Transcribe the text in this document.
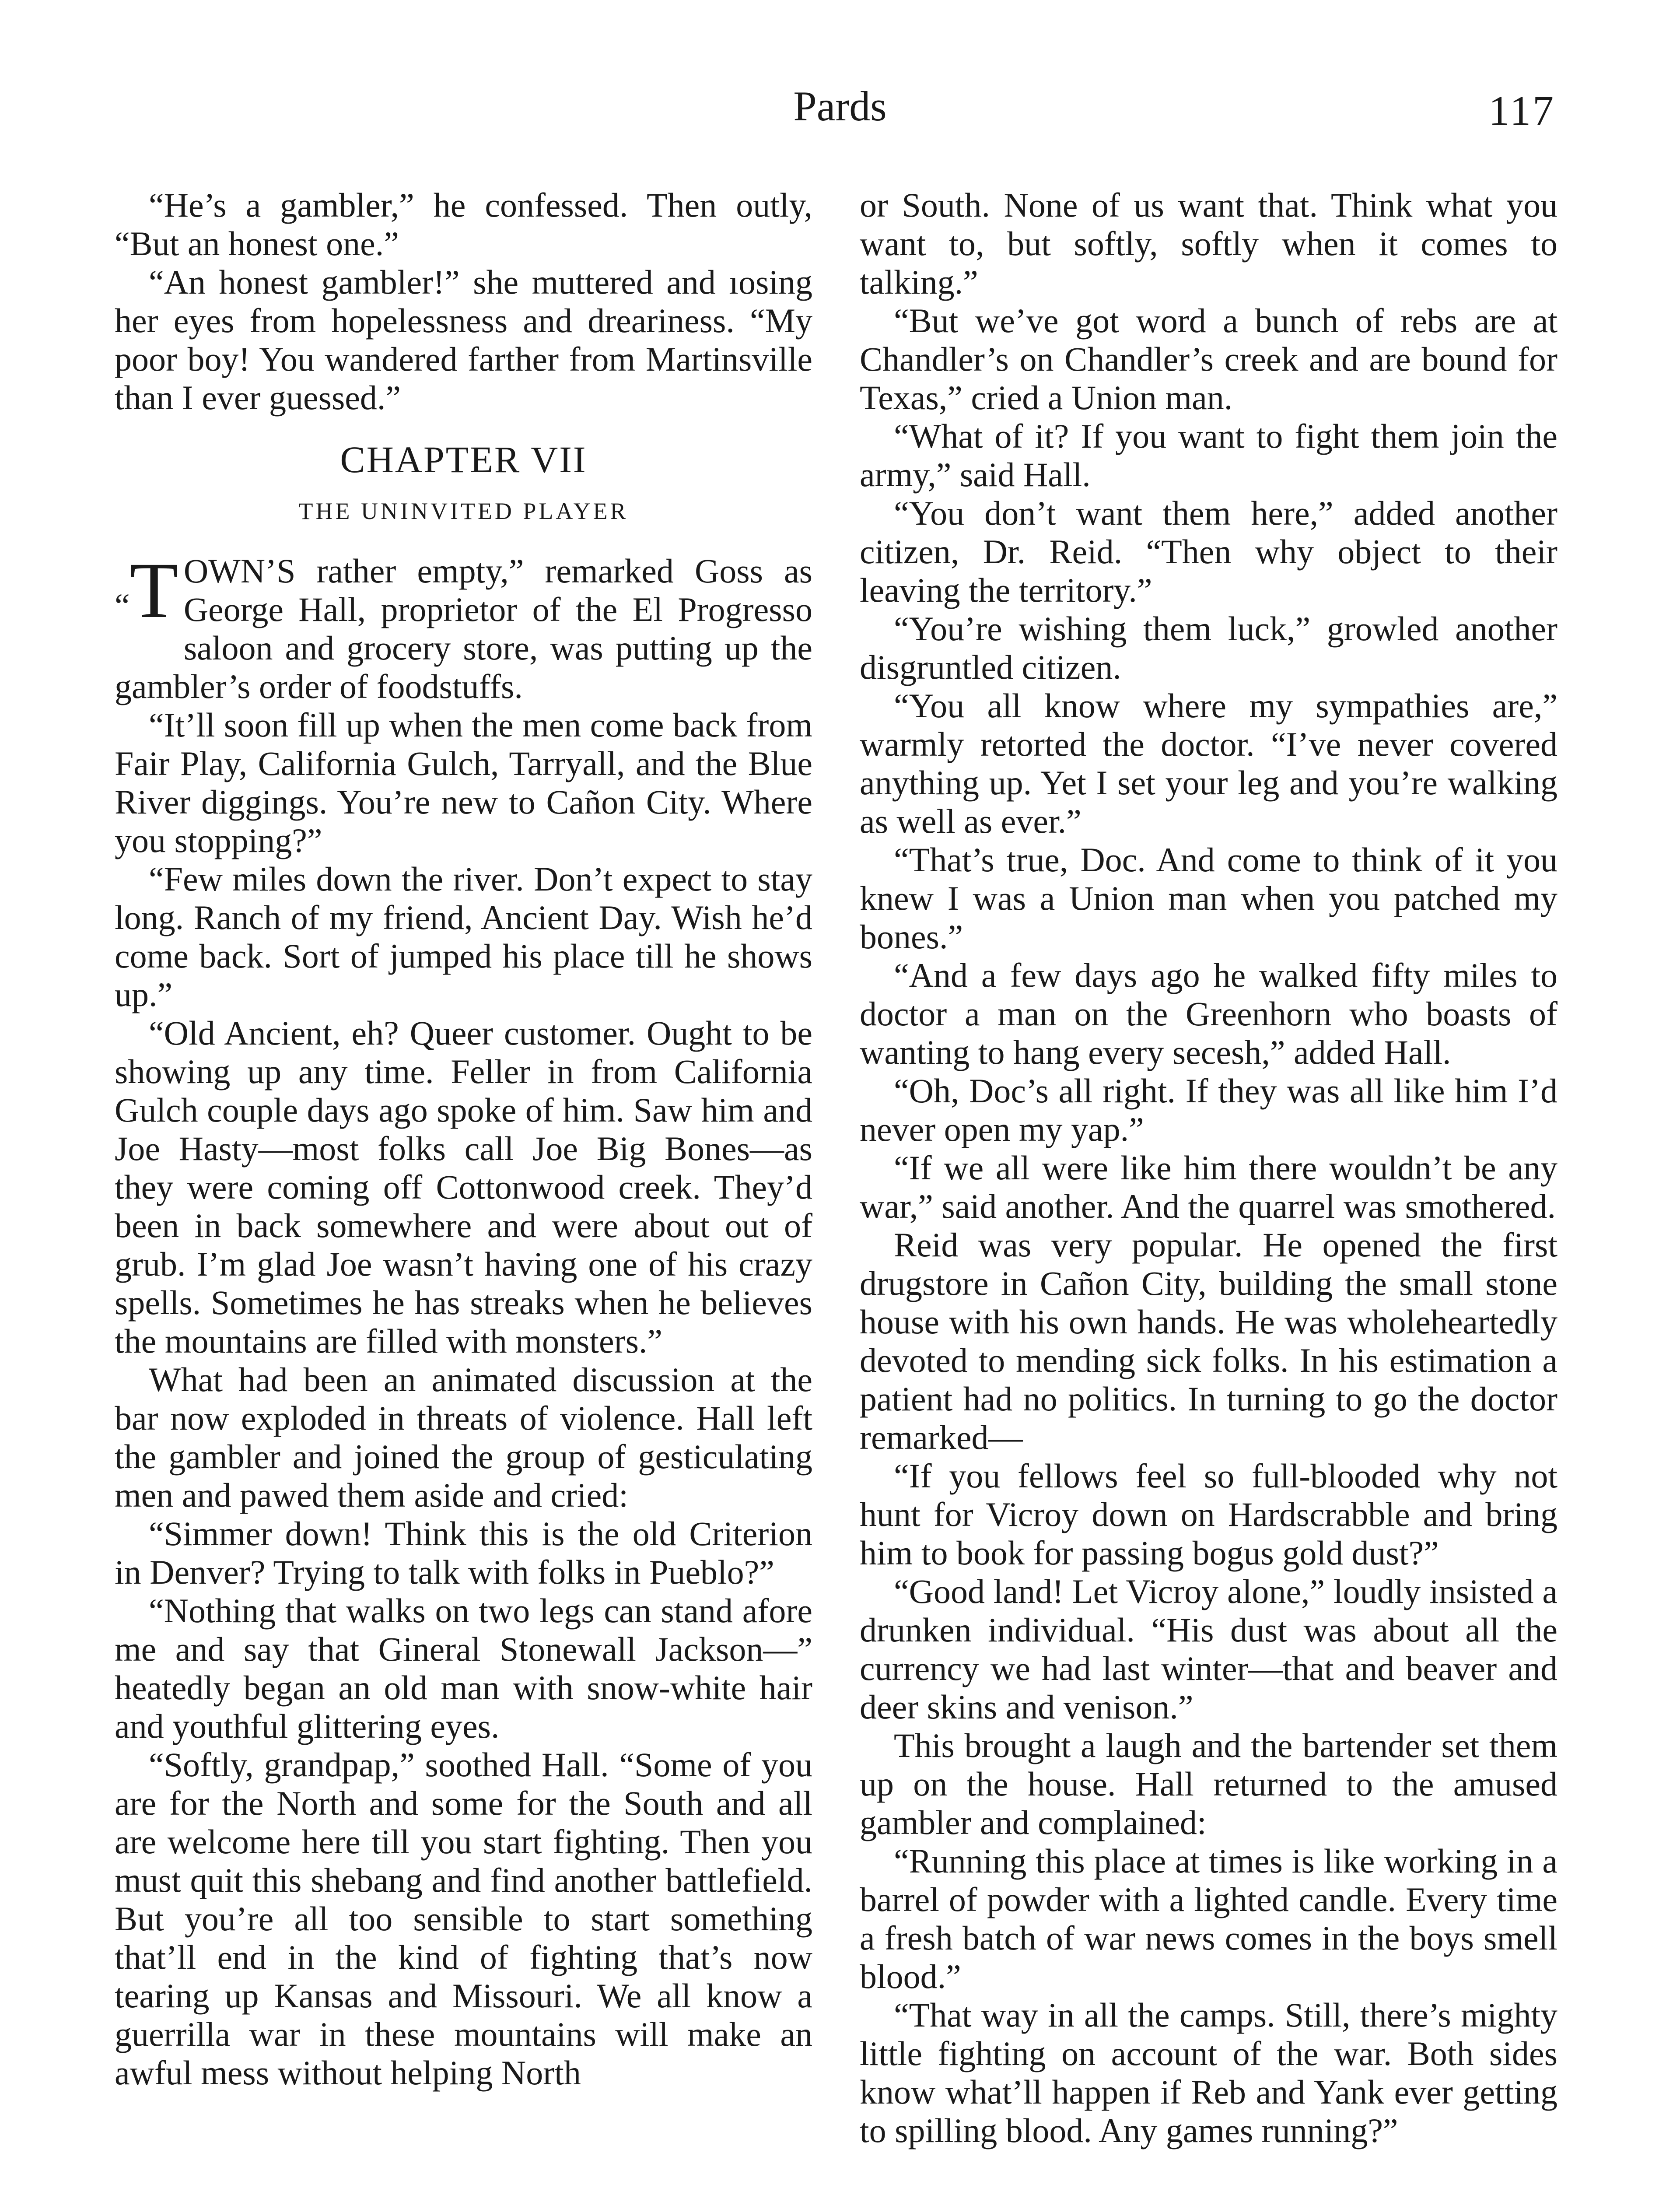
Pards	117

“He’s a gambler,” he confessed. Then outly, “But an honest one.”

“An honest gambler!” she muttered and ıosing her eyes from hopelessness and dreariness. “My poor boy! You wandered farther from Martinsville than I ever guessed.”

CHAPTER VII
THE UNINVITED PLAYER

“T OWN’S rather empty,” remarked Goss as George Hall, proprietor of the El Progresso saloon and grocery store, was putting up the gambler’s order of foodstuffs.

“It’ll soon fill up when the men come back from Fair Play, California Gulch, Tarryall, and the Blue River diggings. You’re new to Cañon City. Where you stopping?”

“Few miles down the river. Don’t expect to stay long. Ranch of my friend, Ancient Day. Wish he’d come back. Sort of jumped his place till he shows up.”

“Old Ancient, eh? Queer customer. Ought to be showing up any time. Feller in from California Gulch couple days ago spoke of him. Saw him and Joe Hasty—most folks call Joe Big Bones—as they were coming off Cottonwood creek. They’d been in back somewhere and were about out of grub. I’m glad Joe wasn’t having one of his crazy spells. Sometimes he has streaks when he believes the mountains are filled with monsters.”

What had been an animated discussion at the bar now exploded in threats of violence. Hall left the gambler and joined the group of gesticulating men and pawed them aside and cried:

“Simmer down! Think this is the old Criterion in Denver? Trying to talk with folks in Pueblo?”

“Nothing that walks on two legs can stand afore me and say that Gineral Stonewall Jackson—” heatedly began an old man with snow-white hair and youthful glittering eyes.

“Softly, grandpap,” soothed Hall. “Some of you are for the North and some for the South and all are welcome here till you start fighting. Then you must quit this shebang and find another battlefield. But you’re all too sensible to start something that’ll end in the kind of fighting that’s now tearing up Kansas and Missouri. We all know a guerrilla war in these mountains will make an awful mess without helping North

or South. None of us want that. Think what you want to, but softly, softly when it comes to talking.”

“But we’ve got word a bunch of rebs are at Chandler’s on Chandler’s creek and are bound for Texas,” cried a Union man.

“What of it? If you want to fight them join the army,” said Hall.

“You don’t want them here,” added another citizen, Dr. Reid. “Then why object to their leaving the territory.”

“You’re wishing them luck,” growled another disgruntled citizen.

“You all know where my sympathies are,” warmly retorted the doctor. “I’ve never covered anything up. Yet I set your leg and you’re walking as well as ever.”

“That’s true, Doc. And come to think of it you knew I was a Union man when you patched my bones.”

“And a few days ago he walked fifty miles to doctor a man on the Greenhorn who boasts of wanting to hang every secesh,” added Hall.

“Oh, Doc’s all right. If they was all like him I’d never open my yap.”

“If we all were like him there wouldn’t be any war,” said another. And the quarrel was smothered.

Reid was very popular. He opened the first drugstore in Cañon City, building the small stone house with his own hands. He was wholeheartedly devoted to mending sick folks. In his estimation a patient had no politics. In turning to go the doctor remarked—

“If you fellows feel so full-blooded why not hunt for Vicroy down on Hardscrabble and bring him to book for passing bogus gold dust?”

“Good land! Let Vicroy alone,” loudly insisted a drunken individual. “His dust was about all the currency we had last winter—that and beaver and deer skins and venison.”

This brought a laugh and the bartender set them up on the house. Hall returned to the amused gambler and complained:

“Running this place at times is like working in a barrel of powder with a lighted candle. Every time a fresh batch of war news comes in the boys smell blood.”

“That way in all the camps. Still, there’s mighty little fighting on account of the war. Both sides know what’ll happen if Reb and Yank ever getting to spilling blood. Any games running?”
